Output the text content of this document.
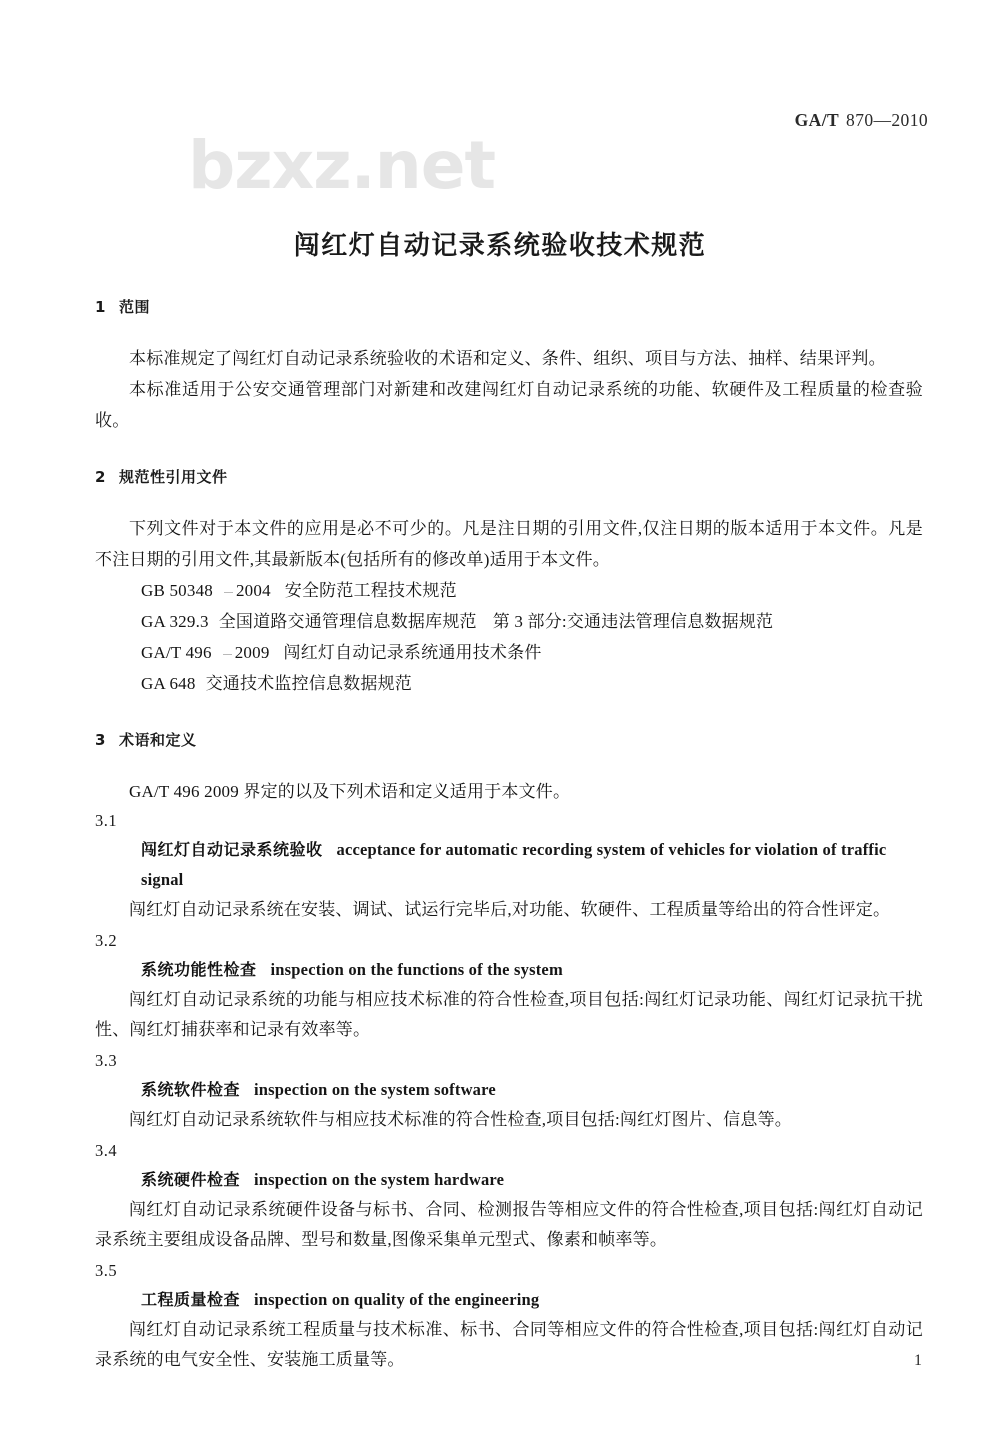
GA/T 870—2010
bzxz.net
闯红灯自动记录系统验收技术规范
1 范围

本标准规定了闯红灯自动记录系统验收的术语和定义、条件、组织、项目与方法、抽样、结果评判。

本标准适用于公安交通管理部门对新建和改建闯红灯自动记录系统的功能、软硬件及工程质量的检查验收。

2 规范性引用文件

下列文件对于本文件的应用是必不可少的。凡是注日期的引用文件,仅注日期的版本适用于本文件。凡是不注日期的引用文件,其最新版本(包括所有的修改单)适用于本文件。

GB 50348 2004 安全防范工程技术规范
GA 329.3 全国道路交通管理信息数据库规范 第 3 部分:交通违法管理信息数据规范
GA/T 496 2009 闯红灯自动记录系统通用技术条件
GA 648 交通技术监控信息数据规范
3 术语和定义

GA/T 496 2009 界定的以及下列术语和定义适用于本文件。

3.1
闯红灯自动记录系统验收 acceptance for automatic recording system of vehicles for violation of traffic signal

闯红灯自动记录系统在安装、调试、试运行完毕后,对功能、软硬件、工程质量等给出的符合性评定。

3.2
系统功能性检查 inspection on the functions of the system

闯红灯自动记录系统的功能与相应技术标准的符合性检查,项目包括:闯红灯记录功能、闯红灯记录抗干扰性、闯红灯捕获率和记录有效率等。

3.3
系统软件检查 inspection on the system software

闯红灯自动记录系统软件与相应技术标准的符合性检查,项目包括:闯红灯图片、信息等。

3.4
系统硬件检查 inspection on the system hardware

闯红灯自动记录系统硬件设备与标书、合同、检测报告等相应文件的符合性检查,项目包括:闯红灯自动记录系统主要组成设备品牌、型号和数量,图像采集单元型式、像素和帧率等。

3.5
工程质量检查 inspection on quality of the engineering

闯红灯自动记录系统工程质量与技术标准、标书、合同等相应文件的符合性检查,项目包括:闯红灯自动记录系统的电气安全性、安装施工质量等。	1
